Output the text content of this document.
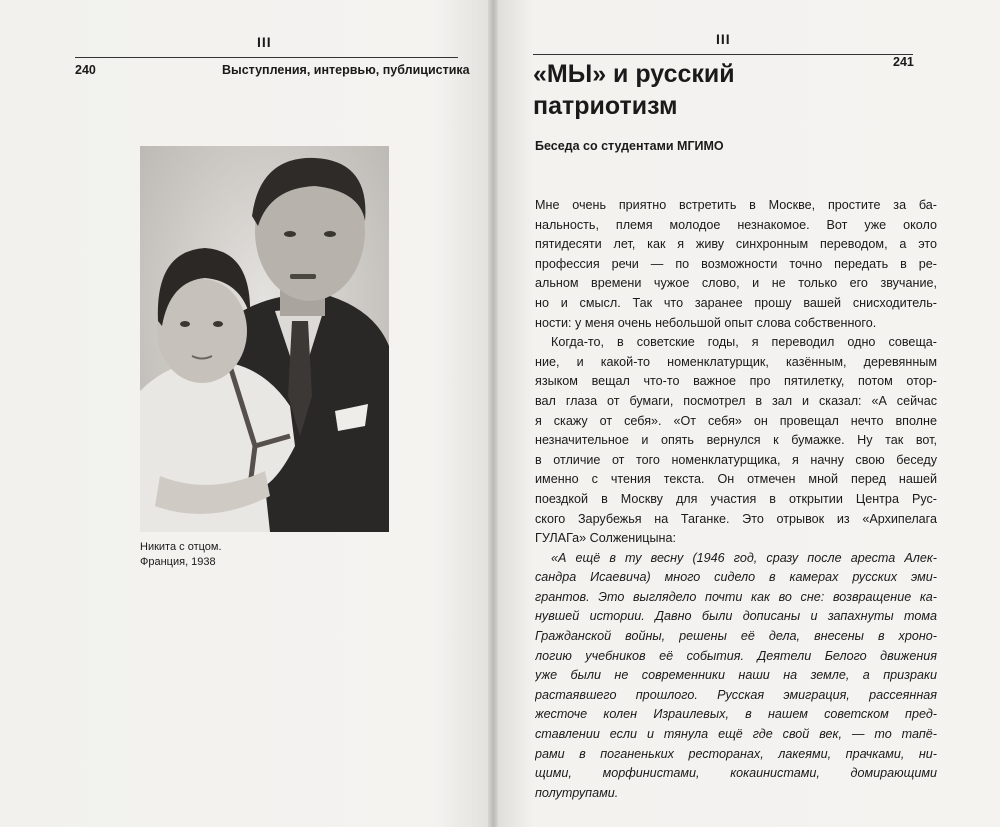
III
240	Выступления, интервью, публицистика
Никита с отцом.
Франция, 1938
III
241
«МЫ» и русский
патриотизм
Беседа со студентами МГИМО
Мне очень приятно встретить в Москве, простите за ба-
нальность, племя молодое незнакомое. Вот уже около
пятидесяти лет, как я живу синхронным переводом, а это
профессия речи — по возможности точно передать в ре-
альном времени чужое слово, и не только его звучание,
но и смысл. Так что заранее прошу вашей снисходитель-
ности: у меня очень небольшой опыт слова собственного.
Когда-то, в советские годы, я переводил одно совеща-
ние, и какой-то номенклатурщик, казённым, деревянным
языком вещал что-то важное про пятилетку, потом отор-
вал глаза от бумаги, посмотрел в зал и сказал: «А сейчас
я скажу от себя». «От себя» он провещал нечто вполне
незначительное и опять вернулся к бумажке. Ну так вот,
в отличие от того номенклатурщика, я начну свою беседу
именно с чтения текста. Он отмечен мной перед нашей
поездкой в Москву для участия в открытии Центра Рус-
ского Зарубежья на Таганке. Это отрывок из «Архипелага
ГУЛАГа» Солженицына:
«А ещё в ту весну (1946 год, сразу после ареста Алек-
сандра Исаевича) много сидело в камерах русских эми-
грантов. Это выглядело почти как во сне: возвращение ка-
нувшей истории. Давно были дописаны и запахнуты тома
Гражданской войны, решены её дела, внесены в хроно-
логию учебников её события. Деятели Белого движения
уже были не современники наши на земле, а призраки
растаявшего прошлого. Русская эмиграция, рассеянная
жесточе колен Израилевых, в нашем советском пред-
ставлении если и тянула ещё где свой век, — то тапё-
рами в поганеньких ресторанах, лакеями, прачками, ни-
щими, морфинистами, кокаинистами, домирающими
полутрупами.
